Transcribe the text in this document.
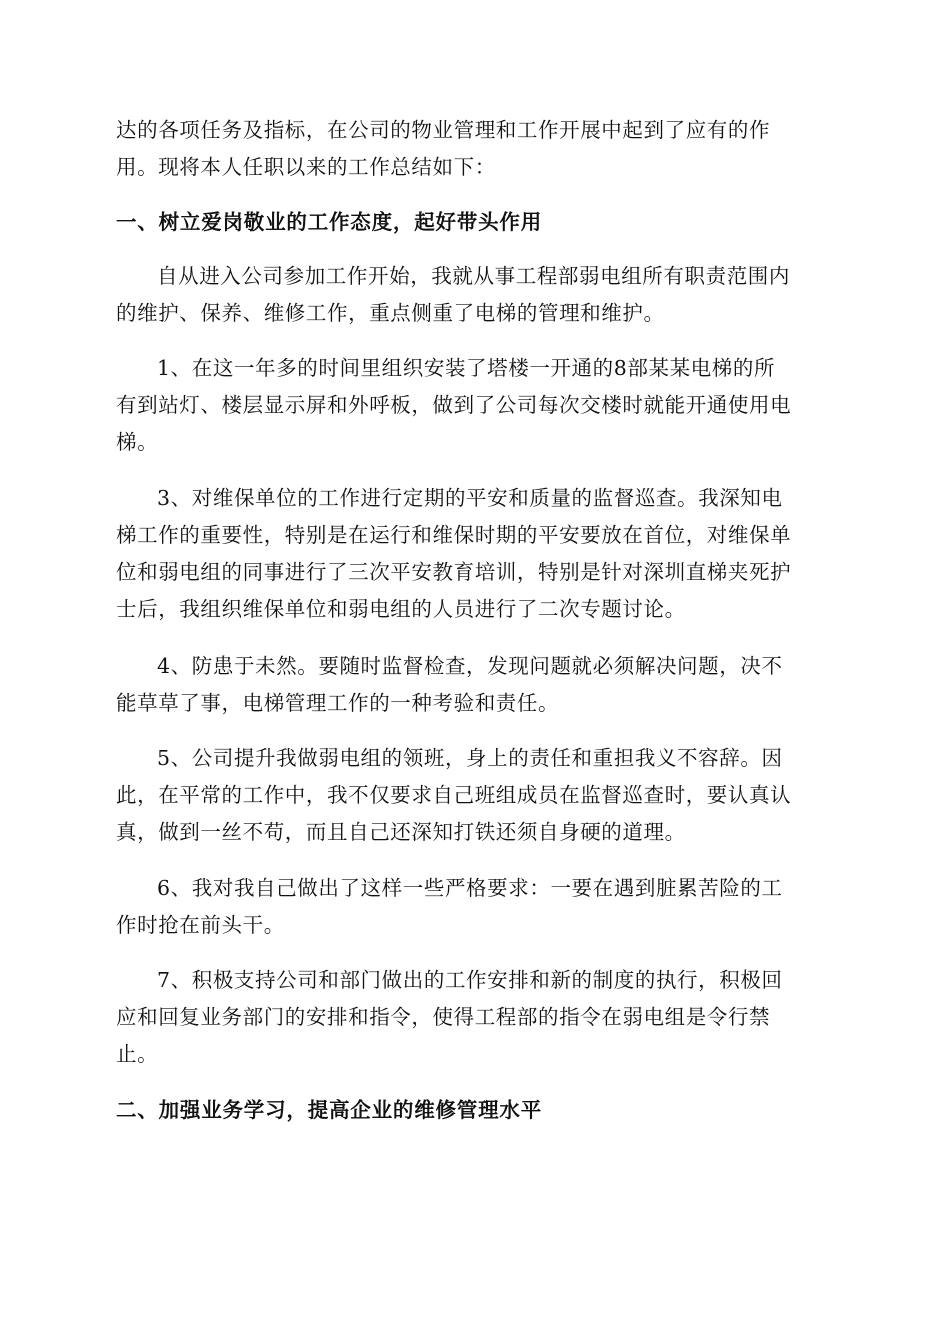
达的各项任务及指标，在公司的物业管理和工作开展中起到了应有的作
用。现将本人任职以来的工作总结如下：

一、树立爱岗敬业的工作态度，起好带头作用

自从进入公司参加工作开始，我就从事工程部弱电组所有职责范围内
的维护、保养、维修工作，重点侧重了电梯的管理和维护。

1、在这一年多的时间里组织安装了塔楼一开通的8部某某电梯的所
有到站灯、楼层显示屏和外呼板，做到了公司每次交楼时就能开通使用电
梯。

3、对维保单位的工作进行定期的平安和质量的监督巡查。我深知电
梯工作的重要性，特别是在运行和维保时期的平安要放在首位，对维保单
位和弱电组的同事进行了三次平安教育培训，特别是针对深圳直梯夹死护
士后，我组织维保单位和弱电组的人员进行了二次专题讨论。

4、防患于未然。要随时监督检查，发现问题就必须解决问题，决不
能草草了事，电梯管理工作的一种考验和责任。

5、公司提升我做弱电组的领班，身上的责任和重担我义不容辞。因
此，在平常的工作中，我不仅要求自己班组成员在监督巡查时，要认真认
真，做到一丝不苟，而且自己还深知打铁还须自身硬的道理。

6、我对我自己做出了这样一些严格要求：一要在遇到脏累苦险的工
作时抢在前头干。

7、积极支持公司和部门做出的工作安排和新的制度的执行，积极回
应和回复业务部门的安排和指令，使得工程部的指令在弱电组是令行禁
止。

二、加强业务学习，提高企业的维修管理水平
